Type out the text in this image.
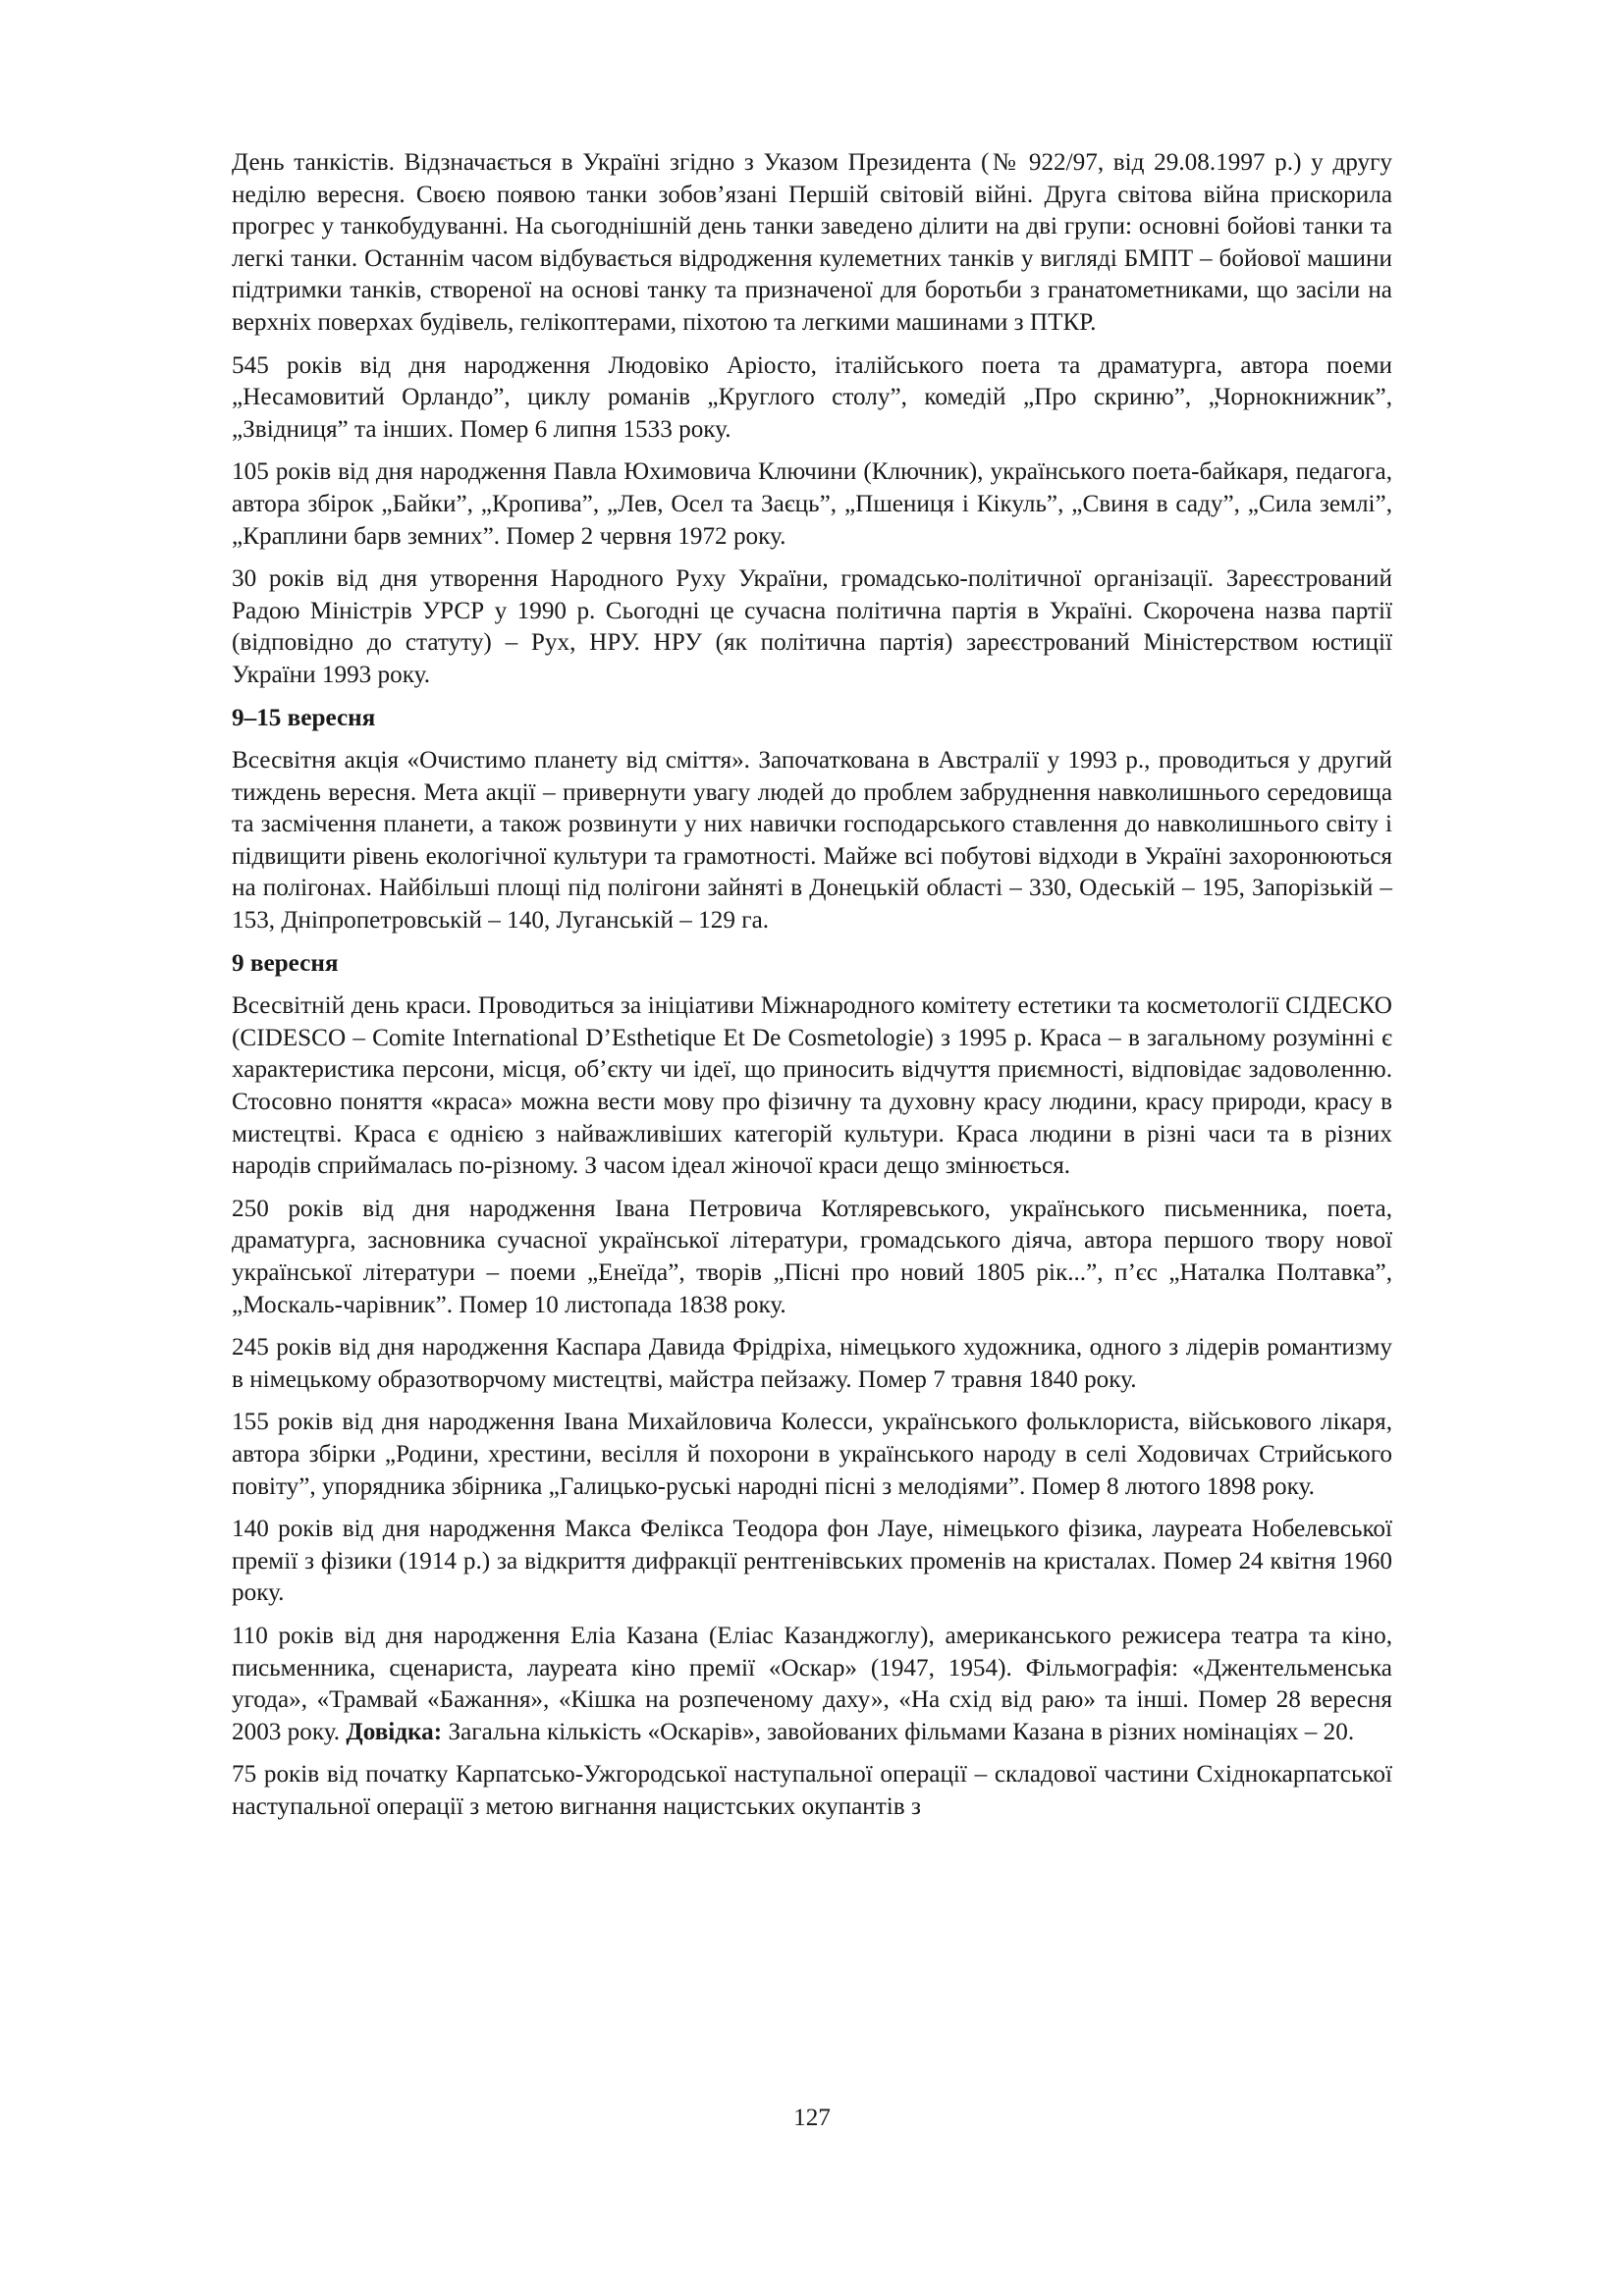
День танкістів. Відзначається в Україні згідно з Указом Президента (№ 922/97, від 29.08.1997 р.) у другу неділю вересня. Своєю появою танки зобов’язані Першій світовій війні. Друга світова війна прискорила прогрес у танкобудуванні. На сьогоднішній день танки заведено ділити на дві групи: основні бойові танки та легкі танки. Останнім часом відбувається відродження кулеметних танків у вигляді БМПТ – бойової машини підтримки танків, створеної на основі танку та призначеної для боротьби з гранатометниками, що засіли на верхніх поверхах будівель, гелікоптерами, піхотою та легкими машинами з ПТКР.

545 років від дня народження Людовіко Аріосто, італійського поета та драматурга, автора поеми „Несамовитий Орландо”, циклу романів „Круглого столу”, комедій „Про скриню”, „Чорнокнижник”, „Звідниця” та інших. Помер 6 липня 1533 року.

105 років від дня народження Павла Юхимовича Ключини (Ключник), українського поета-байкаря, педагога, автора збірок „Байки”, „Кропива”, „Лев, Осел та Заєць”, „Пшениця і Кікуль”, „Свиня в саду”, „Сила землі”, „Краплини барв земних”. Помер 2 червня 1972 року.

30 років від дня утворення Народного Руху України, громадсько-політичної організації. Зареєстрований Радою Міністрів УРСР у 1990 р. Сьогодні це сучасна політична партія в Україні. Скорочена назва партії (відповідно до статуту) – Рух, НРУ. НРУ (як політична партія) зареєстрований Міністерством юстиції України 1993 року.

9–15 вересня

Всесвітня акція «Очистимо планету від сміття». Започаткована в Австралії у 1993 р., проводиться у другий тиждень вересня. Мета акції – привернути увагу людей до проблем забруднення навколишнього середовища та засмічення планети, а також розвинути у них навички господарського ставлення до навколишнього світу і підвищити рівень екологічної культури та грамотності. Майже всі побутові відходи в Україні захоронюються на полігонах. Найбільші площі під полігони зайняті в Донецькій області – 330, Одеській – 195, Запорізькій – 153, Дніпропетровській – 140, Луганській – 129 га.

9 вересня

Всесвітній день краси. Проводиться за ініціативи Міжнародного комітету естетики та косметології СІДЕСКО (CIDESCO – Comite International D’Esthetique Et De Cosmetologie) з 1995 р. Краса – в загальному розумінні є характеристика персони, місця, об’єкту чи ідеї, що приносить відчуття приємності, відповідає задоволенню. Стосовно поняття «краса» можна вести мову про фізичну та духовну красу людини, красу природи, красу в мистецтві. Краса є однією з найважливіших категорій культури. Краса людини в різні часи та в різних народів сприймалась по-різному. З часом ідеал жіночої краси дещо змінюється.

250 років від дня народження Івана Петровича Котляревського, українського письменника, поета, драматурга, засновника сучасної української літератури, громадського діяча, автора першого твору нової української літератури – поеми „Енеїда”, творів „Пісні про новий 1805 рік...”, п’єс „Наталка Полтавка”, „Москаль-чарівник”. Помер 10 листопада 1838 року.

245 років від дня народження Каспара Давида Фрідріха, німецького художника, одного з лідерів романтизму в німецькому образотворчому мистецтві, майстра пейзажу. Помер 7 травня 1840 року.

155 років від дня народження Івана Михайловича Колесси, українського фольклориста, військового лікаря, автора збірки „Родини, хрестини, весілля й похорони в українського народу в селі Ходовичах Стрийського повіту”, упорядника збірника „Галицько-руські народні пісні з мелодіями”. Помер 8 лютого 1898 року.

140 років від дня народження Макса Фелікса Теодора фон Лауе, німецького фізика, лауреата Нобелевської премії з фізики (1914 р.) за відкриття дифракції рентгенівських променів на кристалах. Помер 24 квітня 1960 року.

110 років від дня народження Еліа Казана (Еліас Казанджоглу), американського режисера театра та кіно, письменника, сценариста, лауреата кіно премії «Оскар» (1947, 1954). Фільмографія: «Джентельменська угода», «Трамвай «Бажання», «Кішка на розпеченому даху», «На схід від раю» та інші. Помер 28 вересня 2003 року. Довідка: Загальна кількість «Оскарів», завойованих фільмами Казана в різних номінаціях – 20.

75 років від початку Карпатсько-Ужгородської наступальної операції – складової частини Східнокарпатської наступальної операції з метою вигнання нацистських окупантів з

127
